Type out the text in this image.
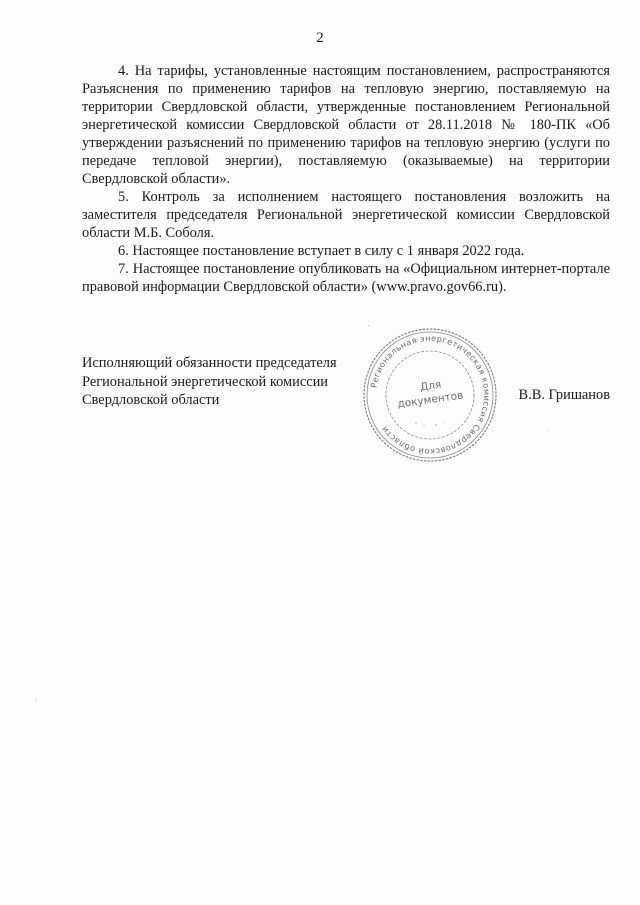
2

4. На тарифы, установленные настоящим постановлением, распространяются Разъяснения по применению тарифов на тепловую энергию, поставляемую на территории Свердловской области, утвержденные постановлением Региональной энергетической комиссии Свердловской области от 28.11.2018 № 180-ПК «Об утверждении разъяснений по применению тарифов на тепловую энергию (услуги по передаче тепловой энергии), поставляемую (оказываемые) на территории Свердловской области».

5. Контроль за исполнением настоящего постановления возложить на заместителя председателя Региональной энергетической комиссии Свердловской области М.Б. Соболя.

6. Настоящее постановление вступает в силу с 1 января 2022 года.

7. Настоящее постановление опубликовать на «Официальном интернет-портале правовой информации Свердловской области» (www.pravo.gov66.ru).

Исполняющий обязанности председателя
Региональной энергетической комиссии
Свердловской области	В.В. Гришанов
Региональная энергетическая комиссия Свердловской области
Для
документов
